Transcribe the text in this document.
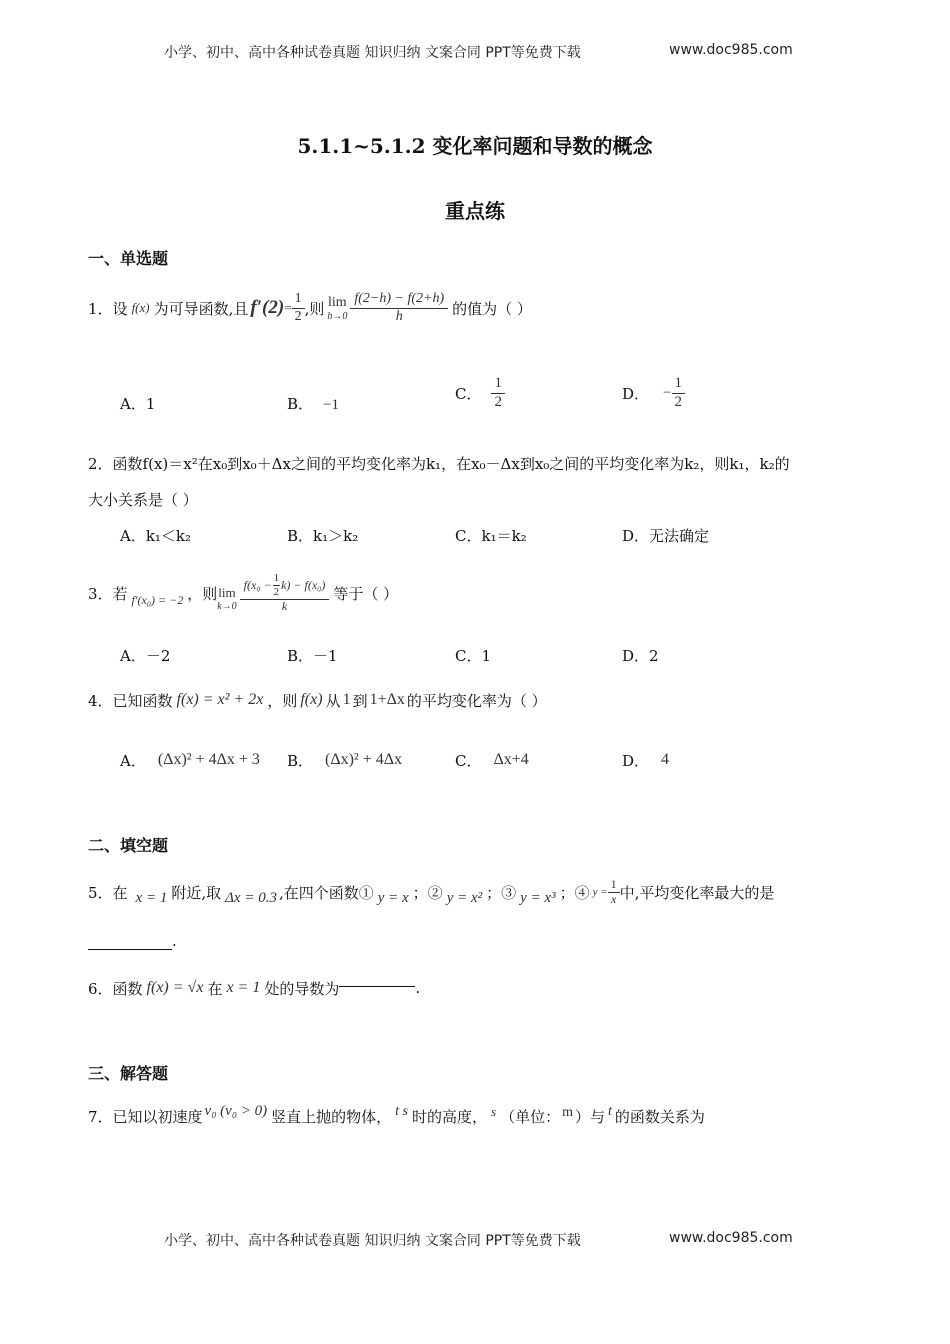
小学、初中、高中各种试卷真题 知识归纳 文案合同 PPT等免费下载	www.doc985.com
5.1.1~5.1.2 变化率问题和导数的概念
重点练
一、单选题
1． 设 f(x) 为可导函数,且 $f'(2) = \frac{1}{2}$ ,则 lim
$h\to 0 \frac{f(2-h) - f(2+h)}{h}$ 的值为（ ）
A．1	B． −1
C． $\frac{1}{2}$	D． − $\frac{1}{2}$
2．函数f(x)＝x²在x₀到x₀＋Δx之间的平均变化率为k₁，在x₀－Δx到x₀之间的平均变化率为k₂，则k₁，k₂的
大小关系是（ ）
A．k₁＜k₂	B．k₁＞k₂	C．k₁＝k₂	D．无法确定
3．若 f′(x₀) = −2 ，则 lim
$k\to 0 \frac{f(x_0 - \frac{1}{2} k) - f(x_0)}{k}$ 等于（ ）
A．－2	B．－1	C．1	D．2
4．已知函数 f(x) = x² + 2x ，则 f(x) 从 1 到 1+Δx 的平均变化率为（ ）
A． (Δx)² + 4Δx + 3 B． (Δx)² + 4Δx	C． Δx+4	D． 4
二、填空题
5．在 x = 1 附近,取 Δx = 0.3 ,在四个函数① y = x ；② y = x² ；③ y = x³ ；④ $y = \frac{1}{x}$ 中,平均变化率最大的是
.
6．函数 f(x) = √x 在 x = 1 处的导数为	.
三、解答题
7．已知以初速度 v₀ (v₀ > 0) 竖直上抛的物体， t s 时的高度， s （单位： m ）与 t 的函数关系为
小学、初中、高中各种试卷真题 知识归纳 文案合同 PPT等免费下载	www.doc985.com
